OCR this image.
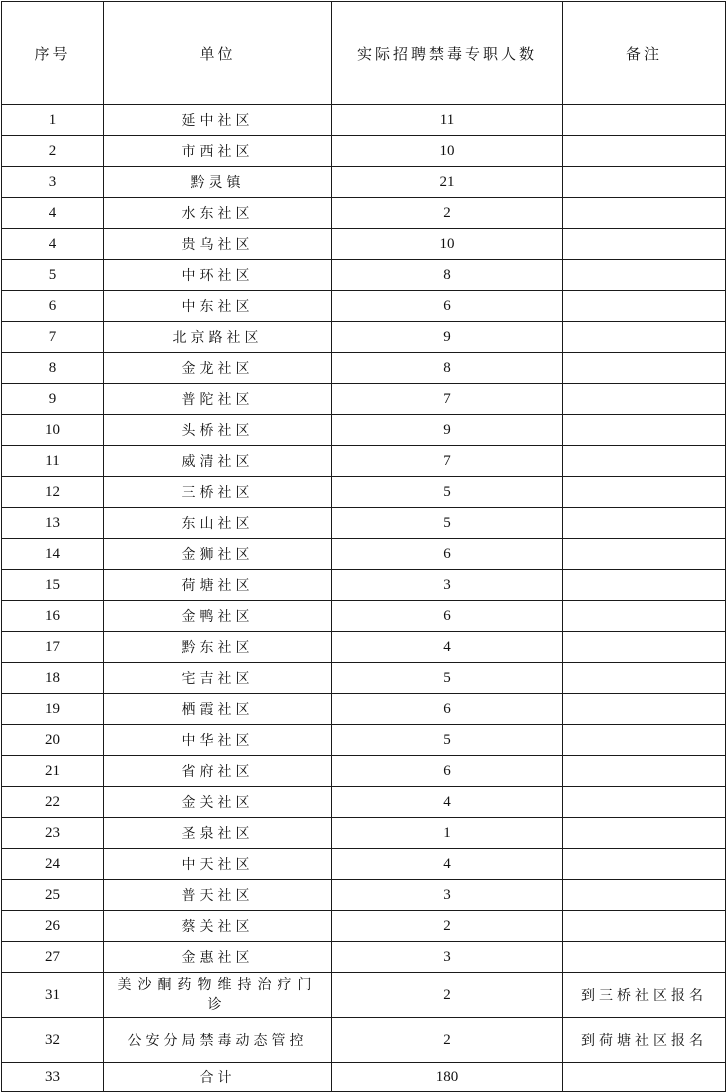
序号	单位	实际招聘禁毒专职人数	备注
1	延中社区	11	
2	市西社区	10	
3	黔灵镇	21	
4	水东社区	2	
4	贵乌社区	10	
5	中环社区	8	
6	中东社区	6	
7	北京路社区	9	
8	金龙社区	8	
9	普陀社区	7	
10	头桥社区	9	
11	威清社区	7	
12	三桥社区	5	
13	东山社区	5	
14	金狮社区	6	
15	荷塘社区	3	
16	金鸭社区	6	
17	黔东社区	4	
18	宅吉社区	5	
19	栖霞社区	6	
20	中华社区	5	
21	省府社区	6	
22	金关社区	4	
23	圣泉社区	1	
24	中天社区	4	
25	普天社区	3	
26	蔡关社区	2	
27	金惠社区	3	
31	美沙酮药物维持治疗门诊	2	到三桥社区报名
32	公安分局禁毒动态管控	2	到荷塘社区报名
33	合计	180	
